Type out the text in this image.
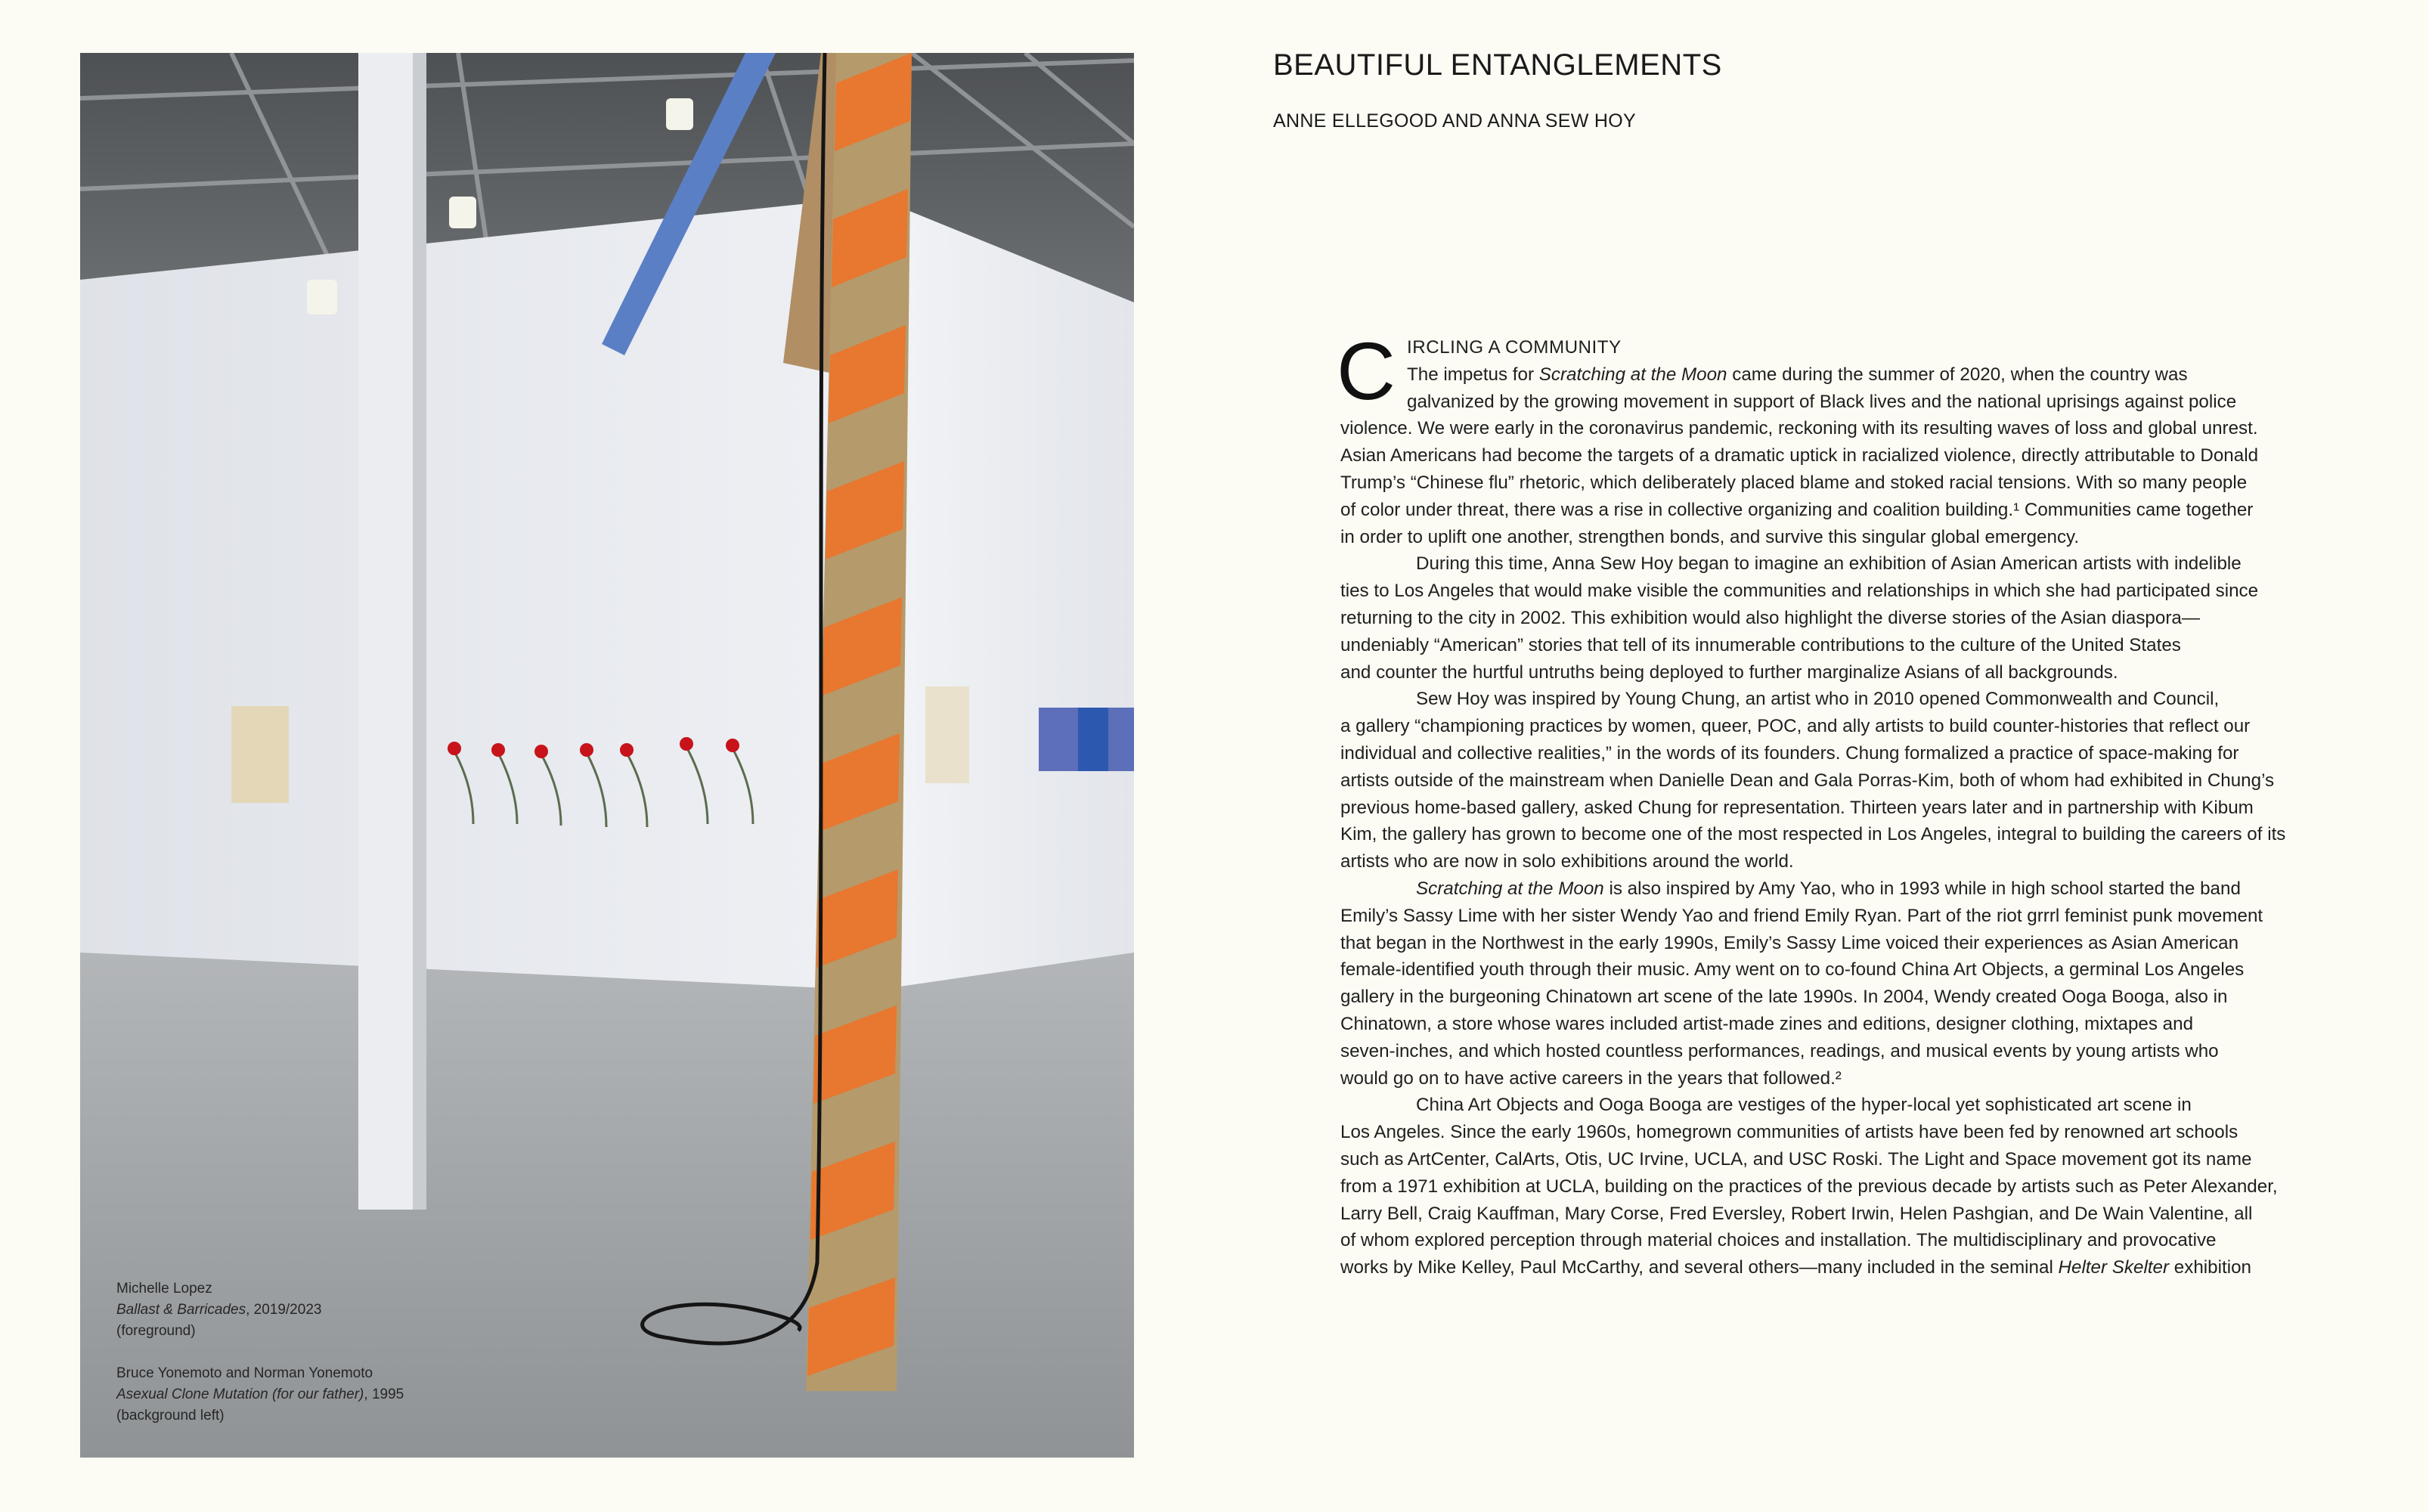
Michelle Lopez
Ballast & Barricades, 2019/2023
(foreground)
Bruce Yonemoto and Norman Yonemoto
Asexual Clone Mutation (for our father), 1995
(background left)
BEAUTIFUL ENTANGLEMENTS
ANNE ELLEGOOD AND ANNA SEW HOY
C IRCLING A COMMUNITY
The impetus for Scratching at the Moon came during the summer of 2020, when the country was
galvanized by the growing movement in support of Black lives and the national uprisings against police
violence. We were early in the coronavirus pandemic, reckoning with its resulting waves of loss and global unrest.
Asian Americans had become the targets of a dramatic uptick in racialized violence, directly attributable to Donald
Trump’s “Chinese flu” rhetoric, which deliberately placed blame and stoked racial tensions. With so many people
of color under threat, there was a rise in collective organizing and coalition building.¹ Communities came together
in order to uplift one another, strengthen bonds, and survive this singular global emergency.
During this time, Anna Sew Hoy began to imagine an exhibition of Asian American artists with indelible
ties to Los Angeles that would make visible the communities and relationships in which she had participated since
returning to the city in 2002. This exhibition would also highlight the diverse stories of the Asian diaspora—
undeniably “American” stories that tell of its innumerable contributions to the culture of the United States
and counter the hurtful untruths being deployed to further marginalize Asians of all backgrounds.
Sew Hoy was inspired by Young Chung, an artist who in 2010 opened Commonwealth and Council,
a gallery “championing practices by women, queer, POC, and ally artists to build counter-histories that reflect our
individual and collective realities,” in the words of its founders. Chung formalized a practice of space-making for
artists outside of the mainstream when Danielle Dean and Gala Porras-Kim, both of whom had exhibited in Chung’s
previous home-based gallery, asked Chung for representation. Thirteen years later and in partnership with Kibum
Kim, the gallery has grown to become one of the most respected in Los Angeles, integral to building the careers of its
artists who are now in solo exhibitions around the world.
Scratching at the Moon is also inspired by Amy Yao, who in 1993 while in high school started the band
Emily’s Sassy Lime with her sister Wendy Yao and friend Emily Ryan. Part of the riot grrrl feminist punk movement
that began in the Northwest in the early 1990s, Emily’s Sassy Lime voiced their experiences as Asian American
female-identified youth through their music. Amy went on to co-found China Art Objects, a germinal Los Angeles
gallery in the burgeoning Chinatown art scene of the late 1990s. In 2004, Wendy created Ooga Booga, also in
Chinatown, a store whose wares included artist-made zines and editions, designer clothing, mixtapes and
seven-inches, and which hosted countless performances, readings, and musical events by young artists who
would go on to have active careers in the years that followed.²
China Art Objects and Ooga Booga are vestiges of the hyper-local yet sophisticated art scene in
Los Angeles. Since the early 1960s, homegrown communities of artists have been fed by renowned art schools
such as ArtCenter, CalArts, Otis, UC Irvine, UCLA, and USC Roski. The Light and Space movement got its name
from a 1971 exhibition at UCLA, building on the practices of the previous decade by artists such as Peter Alexander,
Larry Bell, Craig Kauffman, Mary Corse, Fred Eversley, Robert Irwin, Helen Pashgian, and De Wain Valentine, all
of whom explored perception through material choices and installation. The multidisciplinary and provocative
works by Mike Kelley, Paul McCarthy, and several others—many included in the seminal Helter Skelter exhibition
